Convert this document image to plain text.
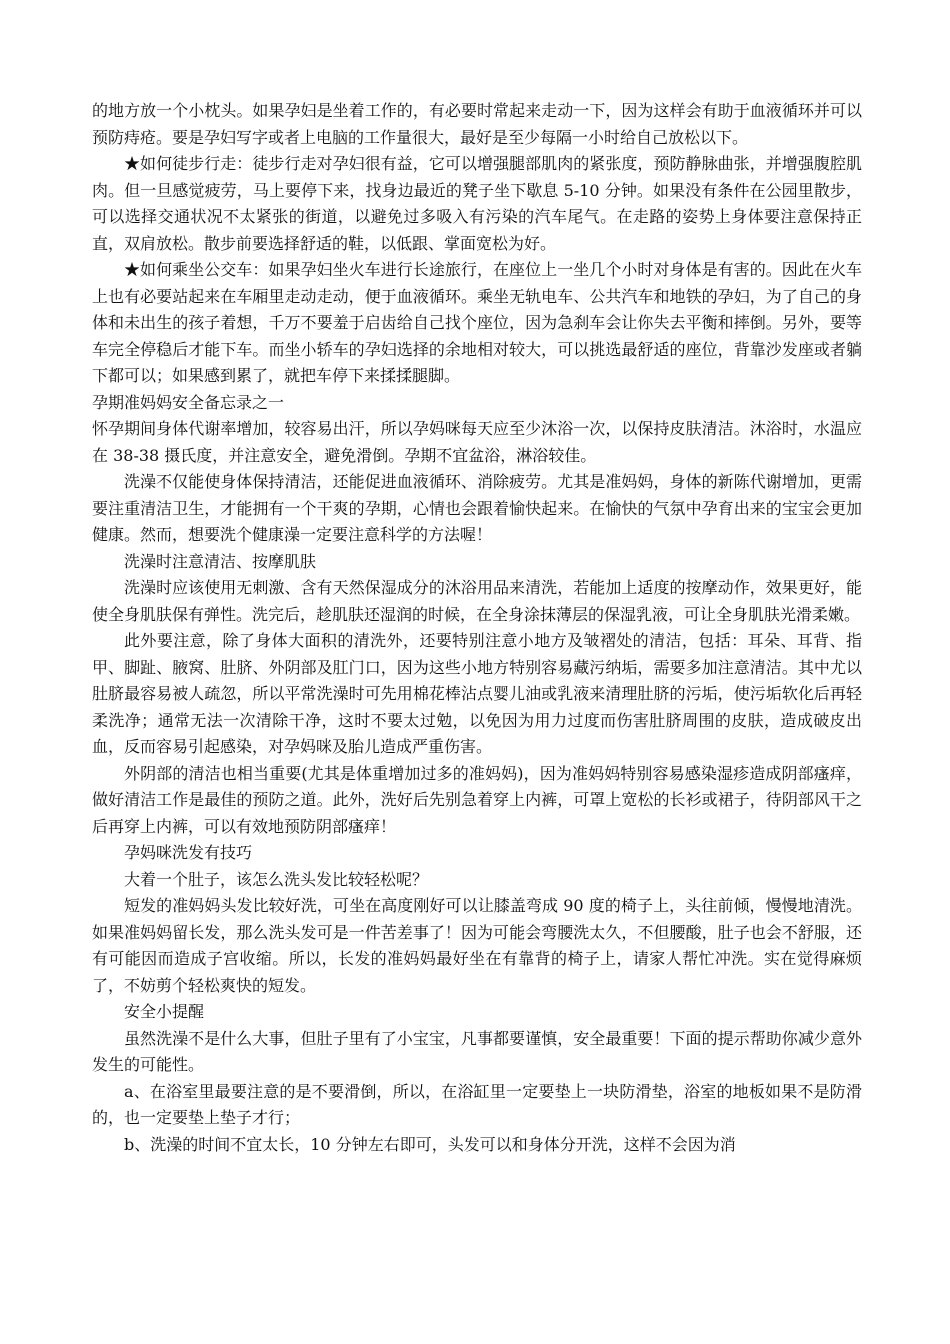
的地方放一个小枕头。如果孕妇是坐着工作的，有必要时常起来走动一下，因为这样会有助于血液循环并可以预防痔疮。要是孕妇写字或者上电脑的工作量很大，最好是至少每隔一小时给自己放松以下。

★如何徒步行走：徒步行走对孕妇很有益，它可以增强腿部肌肉的紧张度，预防静脉曲张，并增强腹腔肌肉。但一旦感觉疲劳，马上要停下来，找身边最近的凳子坐下歇息 5-10 分钟。如果没有条件在公园里散步，可以选择交通状况不太紧张的街道，以避免过多吸入有污染的汽车尾气。在走路的姿势上身体要注意保持正直，双肩放松。散步前要选择舒适的鞋，以低跟、掌面宽松为好。

★如何乘坐公交车：如果孕妇坐火车进行长途旅行，在座位上一坐几个小时对身体是有害的。因此在火车上也有必要站起来在车厢里走动走动，便于血液循环。乘坐无轨电车、公共汽车和地铁的孕妇，为了自己的身体和未出生的孩子着想，千万不要羞于启齿给自己找个座位，因为急刹车会让你失去平衡和摔倒。另外，要等车完全停稳后才能下车。而坐小轿车的孕妇选择的余地相对较大，可以挑选最舒适的座位，背靠沙发座或者躺下都可以；如果感到累了，就把车停下来揉揉腿脚。

孕期准妈妈安全备忘录之一

怀孕期间身体代谢率增加，较容易出汗，所以孕妈咪每天应至少沐浴一次，以保持皮肤清洁。沐浴时，水温应在 38-38 摄氏度，并注意安全，避免滑倒。孕期不宜盆浴，淋浴较佳。

洗澡不仅能使身体保持清洁，还能促进血液循环、消除疲劳。尤其是准妈妈，身体的新陈代谢增加，更需要注重清洁卫生，才能拥有一个干爽的孕期，心情也会跟着愉快起来。在愉快的气氛中孕育出来的宝宝会更加健康。然而，想要洗个健康澡一定要注意科学的方法喔！

洗澡时注意清洁、按摩肌肤

洗澡时应该使用无刺激、含有天然保湿成分的沐浴用品来清洗，若能加上适度的按摩动作，效果更好，能使全身肌肤保有弹性。洗完后，趁肌肤还湿润的时候，在全身涂抹薄层的保湿乳液，可让全身肌肤光滑柔嫩。

此外要注意，除了身体大面积的清洗外，还要特别注意小地方及皱褶处的清洁，包括：耳朵、耳背、指甲、脚趾、腋窝、肚脐、外阴部及肛门口，因为这些小地方特别容易藏污纳垢，需要多加注意清洁。其中尤以肚脐最容易被人疏忽，所以平常洗澡时可先用棉花棒沾点婴儿油或乳液来清理肚脐的污垢，使污垢软化后再轻柔洗净；通常无法一次清除干净，这时不要太过勉，以免因为用力过度而伤害肚脐周围的皮肤，造成破皮出血，反而容易引起感染，对孕妈咪及胎儿造成严重伤害。

外阴部的清洁也相当重要(尤其是体重增加过多的准妈妈)，因为准妈妈特别容易感染湿疹造成阴部瘙痒，做好清洁工作是最佳的预防之道。此外，洗好后先别急着穿上内裤，可罩上宽松的长衫或裙子，待阴部风干之后再穿上内裤，可以有效地预防阴部瘙痒！

孕妈咪洗发有技巧

大着一个肚子，该怎么洗头发比较轻松呢？

短发的准妈妈头发比较好洗，可坐在高度刚好可以让膝盖弯成 90 度的椅子上，头往前倾，慢慢地清洗。如果准妈妈留长发，那么洗头发可是一件苦差事了！因为可能会弯腰洗太久，不但腰酸，肚子也会不舒服，还有可能因而造成子宫收缩。所以，长发的准妈妈最好坐在有靠背的椅子上，请家人帮忙冲洗。实在觉得麻烦了，不妨剪个轻松爽快的短发。

安全小提醒

虽然洗澡不是什么大事，但肚子里有了小宝宝，凡事都要谨慎，安全最重要！下面的提示帮助你减少意外发生的可能性。

a、在浴室里最要注意的是不要滑倒，所以，在浴缸里一定要垫上一块防滑垫，浴室的地板如果不是防滑的，也一定要垫上垫子才行；

b、洗澡的时间不宜太长，10 分钟左右即可，头发可以和身体分开洗，这样不会因为消
